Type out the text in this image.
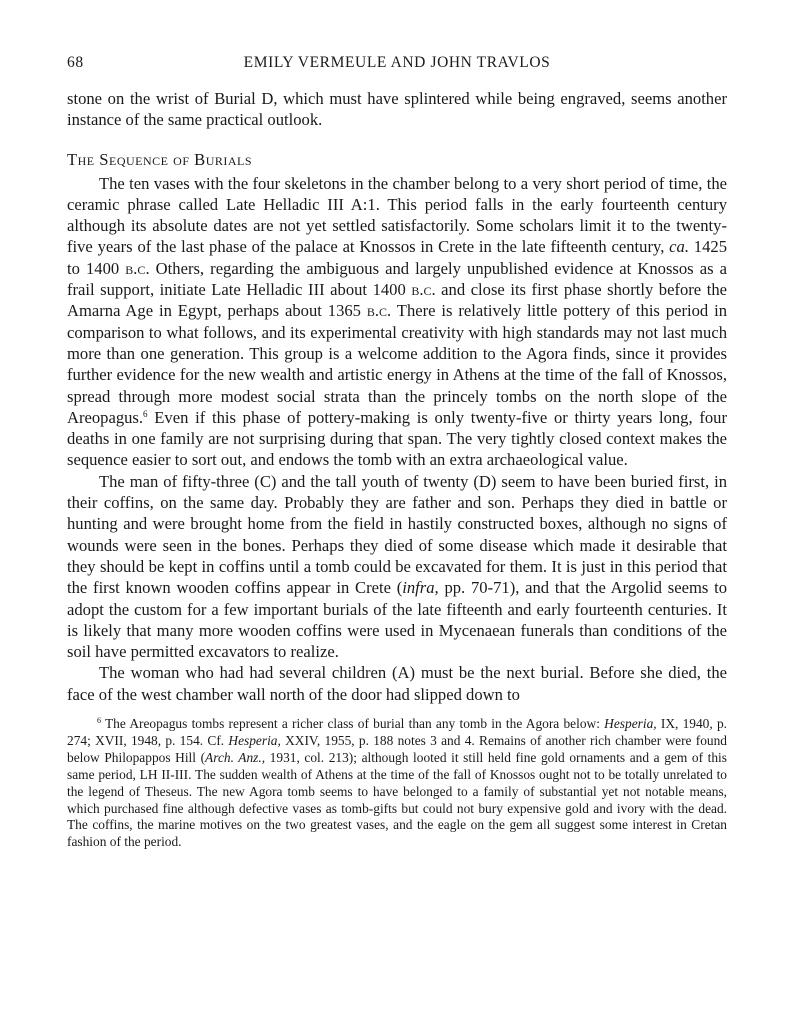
68	EMILY VERMEULE AND JOHN TRAVLOS

stone on the wrist of Burial D, which must have splintered while being engraved, seems another instance of the same practical outlook.

The Sequence of Burials

The ten vases with the four skeletons in the chamber belong to a very short period of time, the ceramic phrase called Late Helladic III A:1. This period falls in the early fourteenth century although its absolute dates are not yet settled satisfactorily. Some scholars limit it to the twenty-five years of the last phase of the palace at Knossos in Crete in the late fifteenth century, ca. 1425 to 1400 b.c. Others, regarding the ambiguous and largely unpublished evidence at Knossos as a frail support, initiate Late Helladic III about 1400 b.c. and close its first phase shortly before the Amarna Age in Egypt, perhaps about 1365 b.c. There is relatively little pottery of this period in comparison to what follows, and its experimental creativity with high standards may not last much more than one generation. This group is a welcome addition to the Agora finds, since it provides further evidence for the new wealth and artistic energy in Athens at the time of the fall of Knossos, spread through more modest social strata than the princely tombs on the north slope of the Areopagus.$^6$ Even if this phase of pottery-making is only twenty-five or thirty years long, four deaths in one family are not surprising during that span. The very tightly closed context makes the sequence easier to sort out, and endows the tomb with an extra archaeological value.

The man of fifty-three (C) and the tall youth of twenty (D) seem to have been buried first, in their coffins, on the same day. Probably they are father and son. Perhaps they died in battle or hunting and were brought home from the field in hastily constructed boxes, although no signs of wounds were seen in the bones. Perhaps they died of some disease which made it desirable that they should be kept in coffins until a tomb could be excavated for them. It is just in this period that the first known wooden coffins appear in Crete (infra, pp. 70-71), and that the Argolid seems to adopt the custom for a few important burials of the late fifteenth and early fourteenth centuries. It is likely that many more wooden coffins were used in Mycenaean funerals than conditions of the soil have permitted excavators to realize.

The woman who had had several children (A) must be the next burial. Before she died, the face of the west chamber wall north of the door had slipped down to

$^6$ The Areopagus tombs represent a richer class of burial than any tomb in the Agora below: Hesperia, IX, 1940, p. 274; XVII, 1948, p. 154. Cf. Hesperia, XXIV, 1955, p. 188 notes 3 and 4. Remains of another rich chamber were found below Philopappos Hill (Arch. Anz., 1931, col. 213); although looted it still held fine gold ornaments and a gem of this same period, LH II-III. The sudden wealth of Athens at the time of the fall of Knossos ought not to be totally unrelated to the legend of Theseus. The new Agora tomb seems to have belonged to a family of substantial yet not notable means, which purchased fine although defective vases as tomb-gifts but could not bury expensive gold and ivory with the dead. The coffins, the marine motives on the two greatest vases, and the eagle on the gem all suggest some interest in Cretan fashion of the period.
